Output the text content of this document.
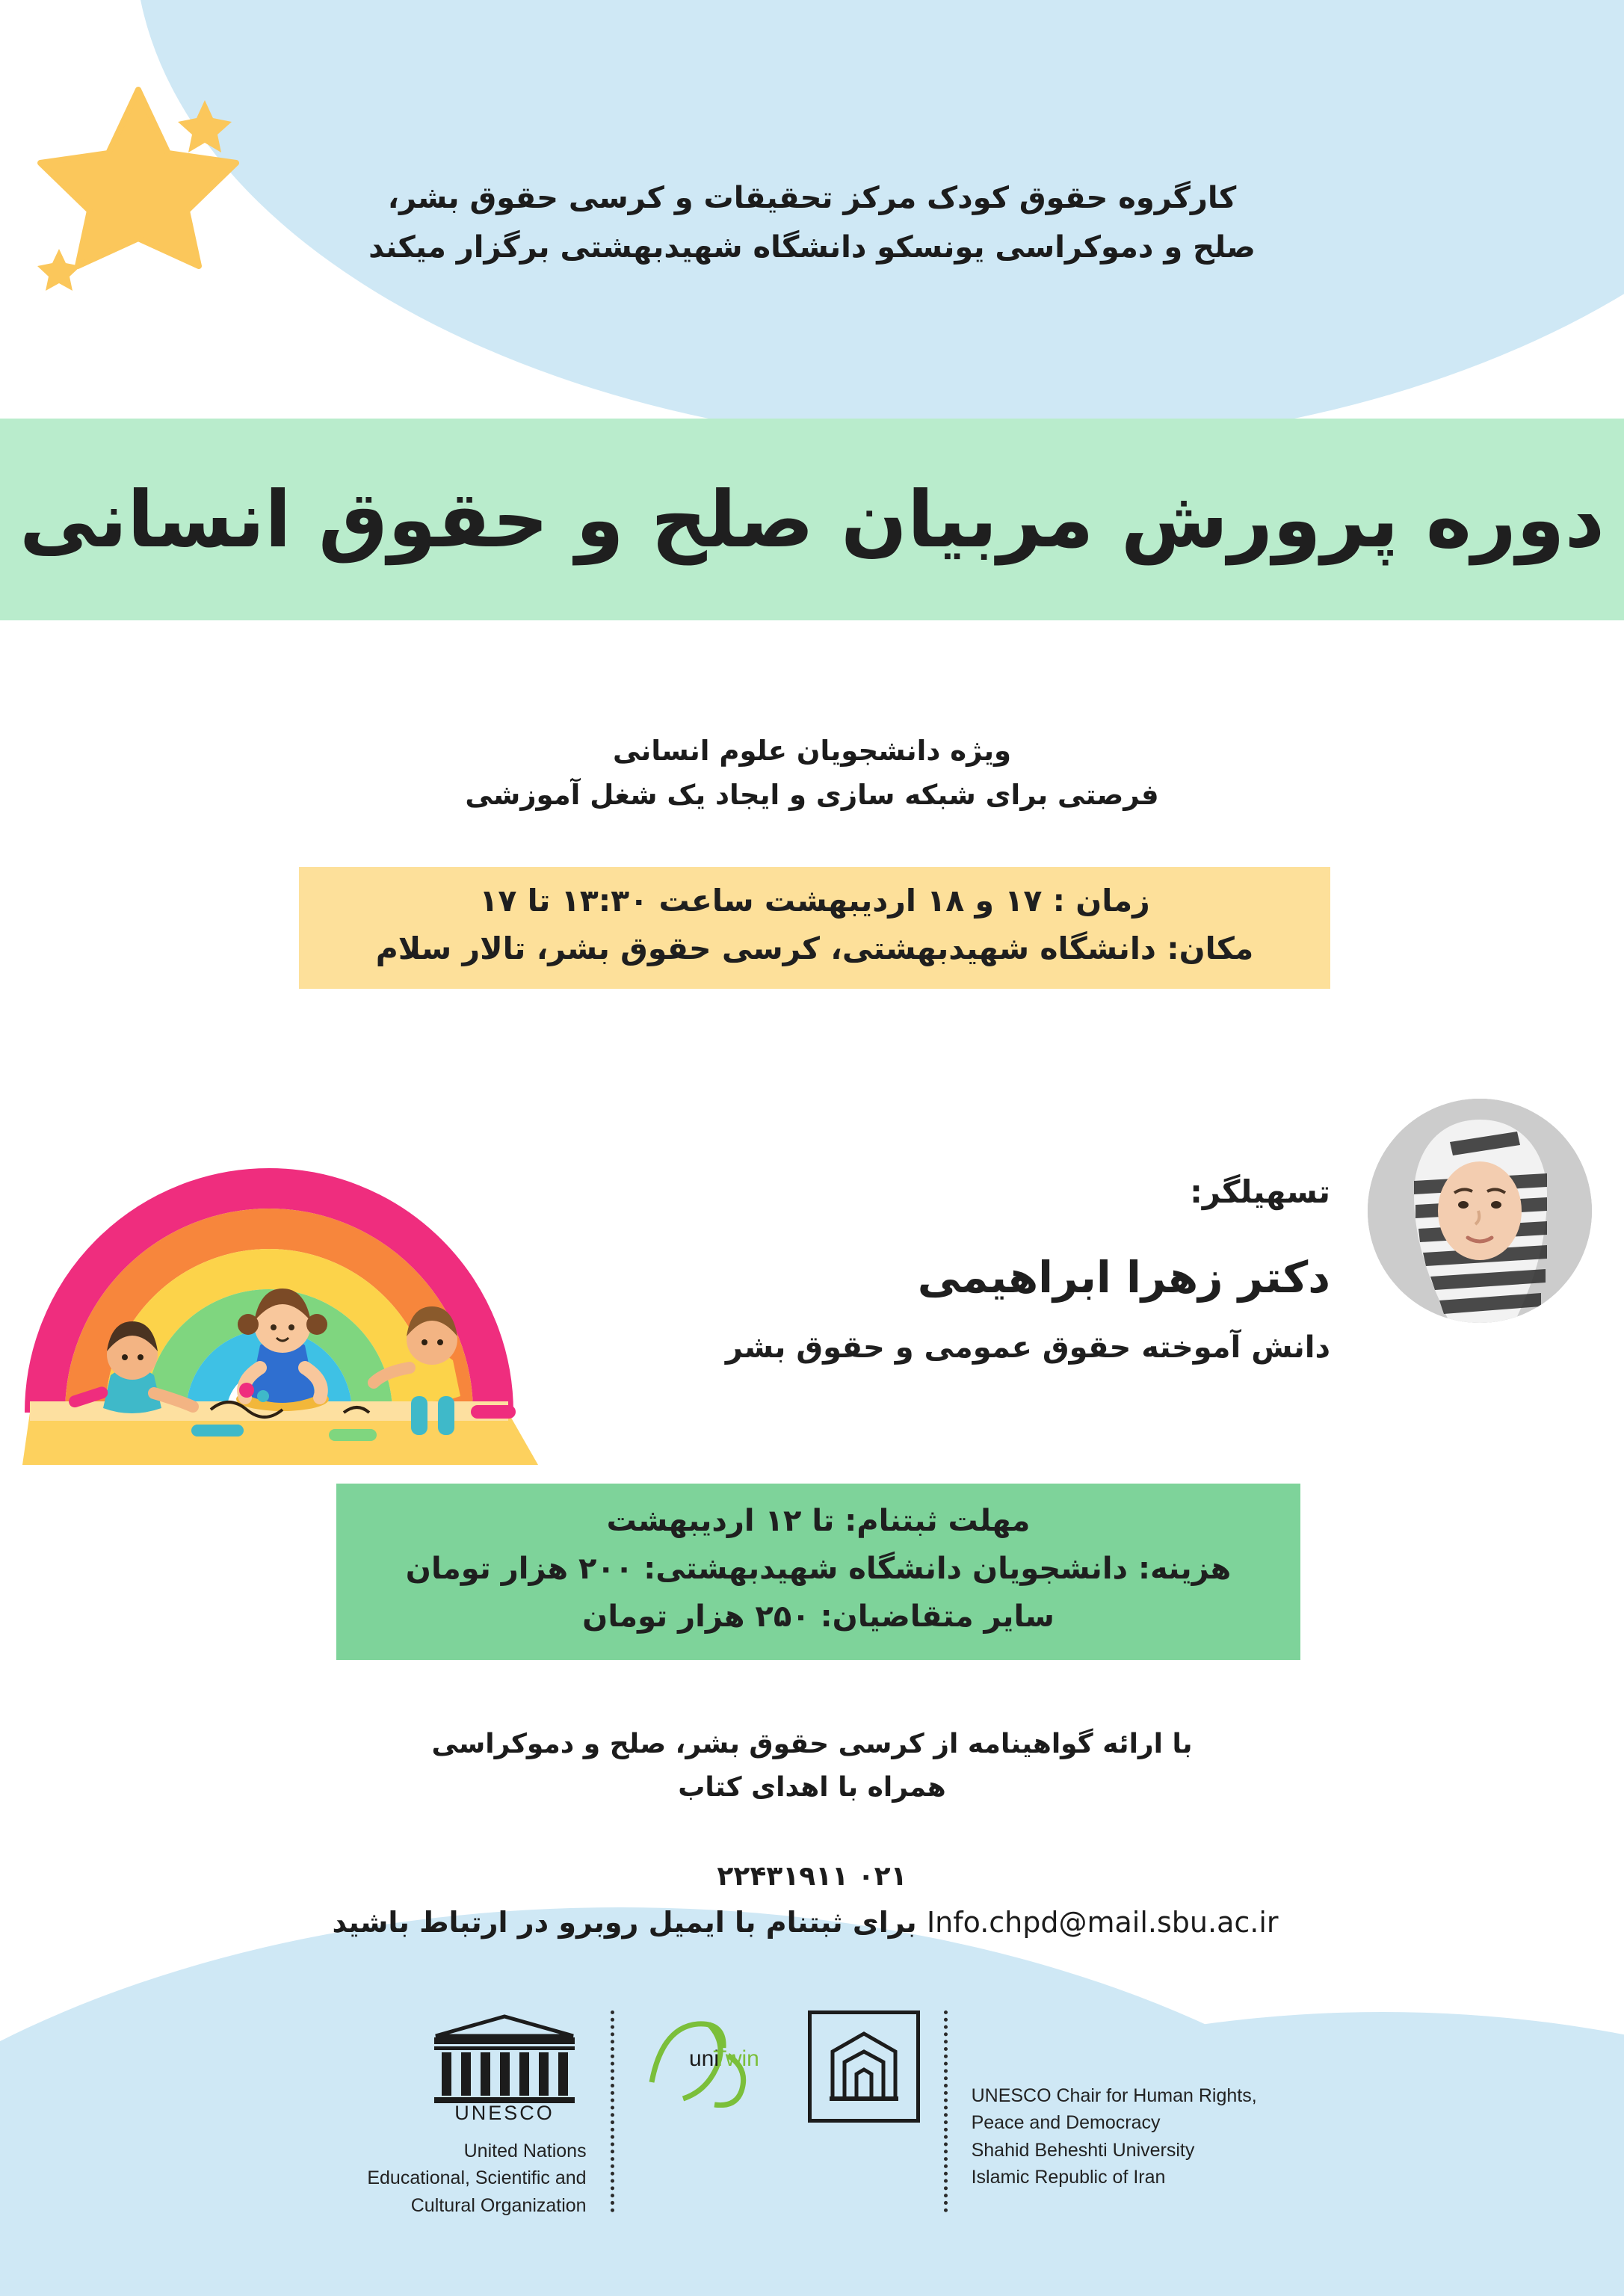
کارگروه حقوق کودک مرکز تحقیقات و کرسی حقوق بشر،
صلح و دموکراسی یونسکو دانشگاه شهیدبهشتی برگزار میکند
دوره پرورش مربیان صلح و حقوق انسانی
ویژه دانشجویان علوم انسانی
فرصتی برای شبکه سازی و ایجاد یک شغل آموزشی
زمان : ۱۷ و ۱۸ اردیبهشت ساعت ۱۳:۳۰ تا ۱۷
مکان: دانشگاه شهیدبهشتی، کرسی حقوق بشر، تالار سلام
تسهیلگر:
دکتر زهرا ابراهیمی
دانش آموخته حقوق عمومی و حقوق بشر
مهلت ثبتنام: تا ۱۲ اردیبهشت
هزینه: دانشجویان دانشگاه شهیدبهشتی: ۲۰۰ هزار تومان
سایر متقاضیان: ۲۵۰ هزار تومان
با ارائه گواهینامه از کرسی حقوق بشر، صلح و دموکراسی
همراه با اهدای کتاب
۰۲۱ ۲۲۴۳۱۹۱۱
Info.chpd@mail.sbu.ac.ir برای ثبتنام با ایمیل روبرو در ارتباط باشید
UNESCO
United Nations
Educational, Scientific and
Cultural Organization
uni
Twin
UNESCO Chair for Human Rights,
Peace and Democracy
Shahid Beheshti University
Islamic Republic of Iran
